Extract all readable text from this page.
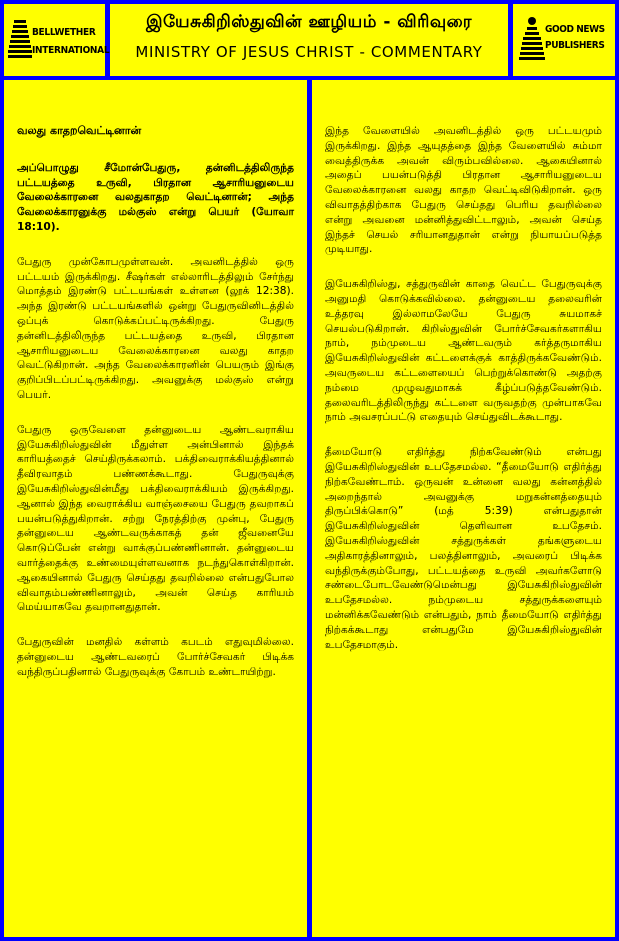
BELLWETHER
INTERNATIONAL
இயேசுகிறிஸ்துவின் ஊழியம் - விரிவுரை
MINISTRY OF JESUS CHRIST - COMMENTARY
GOOD NEWS
PUBLISHERS
வலது காதறவெட்டினான்

அப்பொழுது சீமோன்பேதுரு, தன்னிடத்திலிருந்த பட்டயத்தை உருவி, பிரதான ஆசாரியனுடைய வேலைக்காரனை வலதுகாதற வெட்டினான்; அந்த வேலைக்காரனுக்கு மல்குஸ் என்று பெயர் (யோவா 18:10).

பேதுரு முன்கோபமுள்ளவன். அவனிடத்தில் ஒரு பட்டயம் இருக்கிறது. சீஷர்கள் எல்லாரிடத்திலும் சேர்ந்து மொத்தம் இரண்டு பட்டயங்கள் உள்ளன (லூக் 12:38). அந்த இரண்டு பட்டயங்களில் ஒன்று பேதுருவினிடத்தில் ஒப்புக் கொடுக்கப்பட்டிருக்கிறது. பேதுரு தன்னிடத்திலிருந்த பட்டயத்தை உருவி, பிரதான ஆசாரியனுடைய வேலைக்காரனை வலது காதற வெட்டுகிறான். அந்த வேலைக்காரனின் பெயரும் இங்கு குறிப்பிடப்பட்டிருக்கிறது. அவனுக்கு மல்குஸ் என்று பெயர்.

பேதுரு ஒருவேளை தன்னுடைய ஆண்டவராகிய இயேசுகிறிஸ்துவின் மீதுள்ள அன்பினால் இந்தக் காரியத்தைச் செய்திருக்கலாம். பக்திவைராக்கியத்தினால் தீவிரவாதம் பண்ணக்கூடாது. பேதுருவுக்கு இயேசுகிறிஸ்துவின்மீது பக்திவைராக்கியம் இருக்கிறது. ஆனால் இந்த வைராக்கிய வாஞ்சையை பேதுரு தவறாகப் பயன்படுத்துகிறான். சற்று நேரத்திற்கு முன்பு, பேதுரு தன்னுடைய ஆண்டவருக்காகத் தன் ஜீவனையே கொடுப்பேன் என்று வாக்குப்பண்ணினான். தன்னுடைய வார்த்தைக்கு உண்மையுள்ளவனாக நடந்துகொள்கிறான். ஆகையினால் பேதுரு செய்தது தவறில்லை என்பதுபோல விவாதம்பண்ணினாலும், அவன் செய்த காரியம் மெய்யாகவே தவறானதுதான்.

பேதுருவின் மனதில் கள்ளம் கபடம் எதுவுமில்லை. தன்னுடைய ஆண்டவரைப் போர்ச்சேவகர் பிடிக்க வந்திருப்பதினால் பேதுருவுக்கு கோபம் உண்டாயிற்று.

இந்த வேளையில் அவனிடத்தில் ஒரு பட்டயமும் இருக்கிறது. இந்த ஆயுதத்தை இந்த வேளையில் சும்மா வைத்திருக்க அவன் விரும்பவில்லை. ஆகையினால் அதைப் பயன்படுத்தி பிரதான ஆசாரியனுடைய வேலைக்காரனை வலது காதற வெட்டிவிடுகிறான். ஒரு விவாதத்திற்காக பேதுரு செய்தது பெரிய தவறில்லை என்று அவனை மன்னித்துவிட்டாலும், அவன் செய்த இந்தச் செயல் சரியானதுதான் என்று நியாயப்படுத்த முடியாது.

இயேசுகிறிஸ்து, சத்துருவின் காதை வெட்ட பேதுருவுக்கு அனுமதி கொடுக்கவில்லை. தன்னுடைய தலைவரின் உத்தரவு இல்லாமலேயே பேதுரு சுயமாகச் செயல்படுகிறான். கிறிஸ்துவின் போர்ச்சேவகர்களாகிய நாம், நம்முடைய ஆண்டவரும் கர்த்தருமாகிய இயேசுகிறிஸ்துவின் கட்டளைக்குக் காத்திருக்கவேண்டும். அவருடைய கட்டளையைப் பெற்றுக்கொண்டு அதற்கு நம்மை முழுவதுமாகக் கீழ்ப்படுத்தவேண்டும். தலைவரிடத்திலிருந்து கட்டளை வருவதற்கு முன்பாகவே நாம் அவசரப்பட்டு எதையும் செய்துவிடக்கூடாது.

தீமையோடு எதிர்த்து நிற்கவேண்டும் என்பது இயேசுகிறிஸ்துவின் உபதேசமல்ல. “தீமையோடு எதிர்த்து நிற்கவேண்டாம். ஒருவன் உன்னை வலது கன்னத்தில் அறைந்தால் அவனுக்கு மறுகன்னத்தையும் திருப்பிக்கொடு” (மத் 5:39) என்பதுதான் இயேசுகிறிஸ்துவின் தெளிவான உபதேசம். இயேசுகிறிஸ்துவின் சத்துருக்கள் தங்களுடைய அதிகாரத்தினாலும், பலத்தினாலும், அவரைப் பிடிக்க வந்திருக்கும்போது, பட்டயத்தை உருவி அவர்களோடு சண்டைபோடவேண்டுமென்பது இயேசுகிறிஸ்துவின் உபதேசமல்ல. நம்முடைய சத்துருக்களையும் மன்னிக்கவேண்டும் என்பதும், நாம் தீமையோடு எதிர்த்து நிற்கக்கூடாது என்பதுமே இயேசுகிறிஸ்துவின் உபதேசமாகும்.
